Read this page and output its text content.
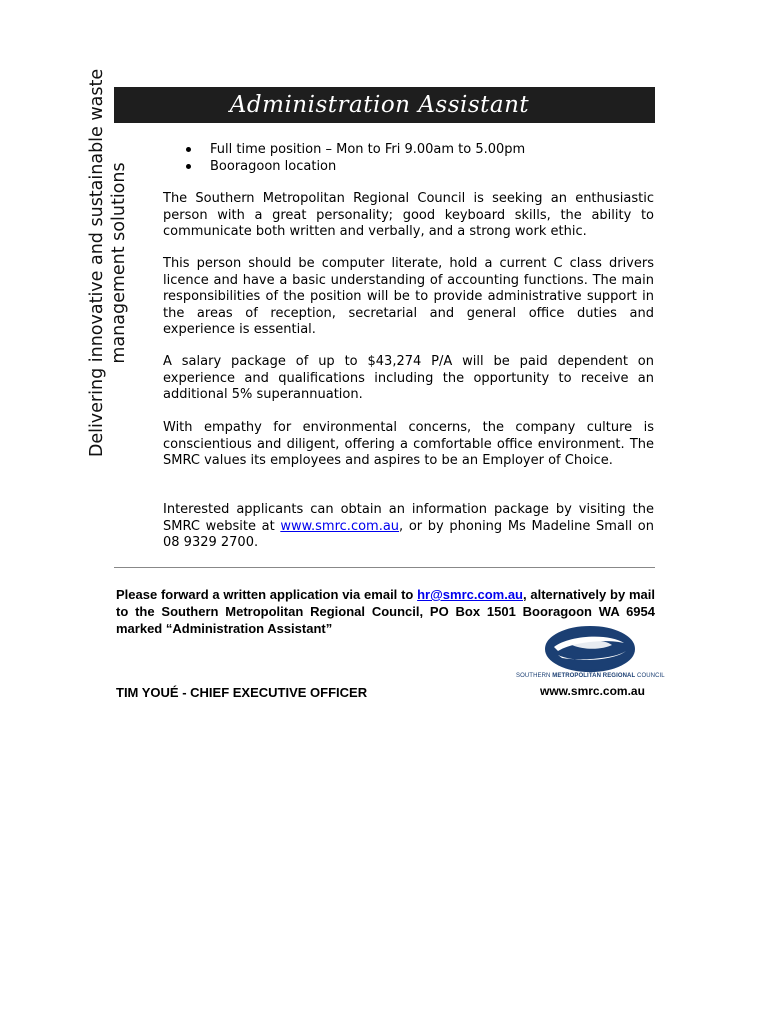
Administration Assistant
Delivering innovative and sustainable waste management solutions
Full time position – Mon to Fri 9.00am to 5.00pm
Booragoon location

The Southern Metropolitan Regional Council is seeking an enthusiastic person with a great personality; good keyboard skills, the ability to communicate both written and verbally, and a strong work ethic.

This person should be computer literate, hold a current C class drivers licence and have a basic understanding of accounting functions. The main responsibilities of the position will be to provide administrative support in the areas of reception, secretarial and general office duties and experience is essential.

A salary package of up to $43,274 P/A will be paid dependent on experience and qualifications including the opportunity to receive an additional 5% superannuation.

With empathy for environmental concerns, the company culture is conscientious and diligent, offering a comfortable office environment. The SMRC values its employees and aspires to be an Employer of Choice.

Interested applicants can obtain an information package by visiting the SMRC website at www.smrc.com.au, or by phoning Ms Madeline Small on 08 9329 2700.

Please forward a written application via email to hr@smrc.com.au, alternatively by mail to the Southern Metropolitan Regional Council, PO Box 1501 Booragoon WA 6954 marked “Administration Assistant”
TIM YOUÉ - CHIEF EXECUTIVE OFFICER
SOUTHERN METROPOLITAN REGIONAL COUNCIL
www.smrc.com.au
